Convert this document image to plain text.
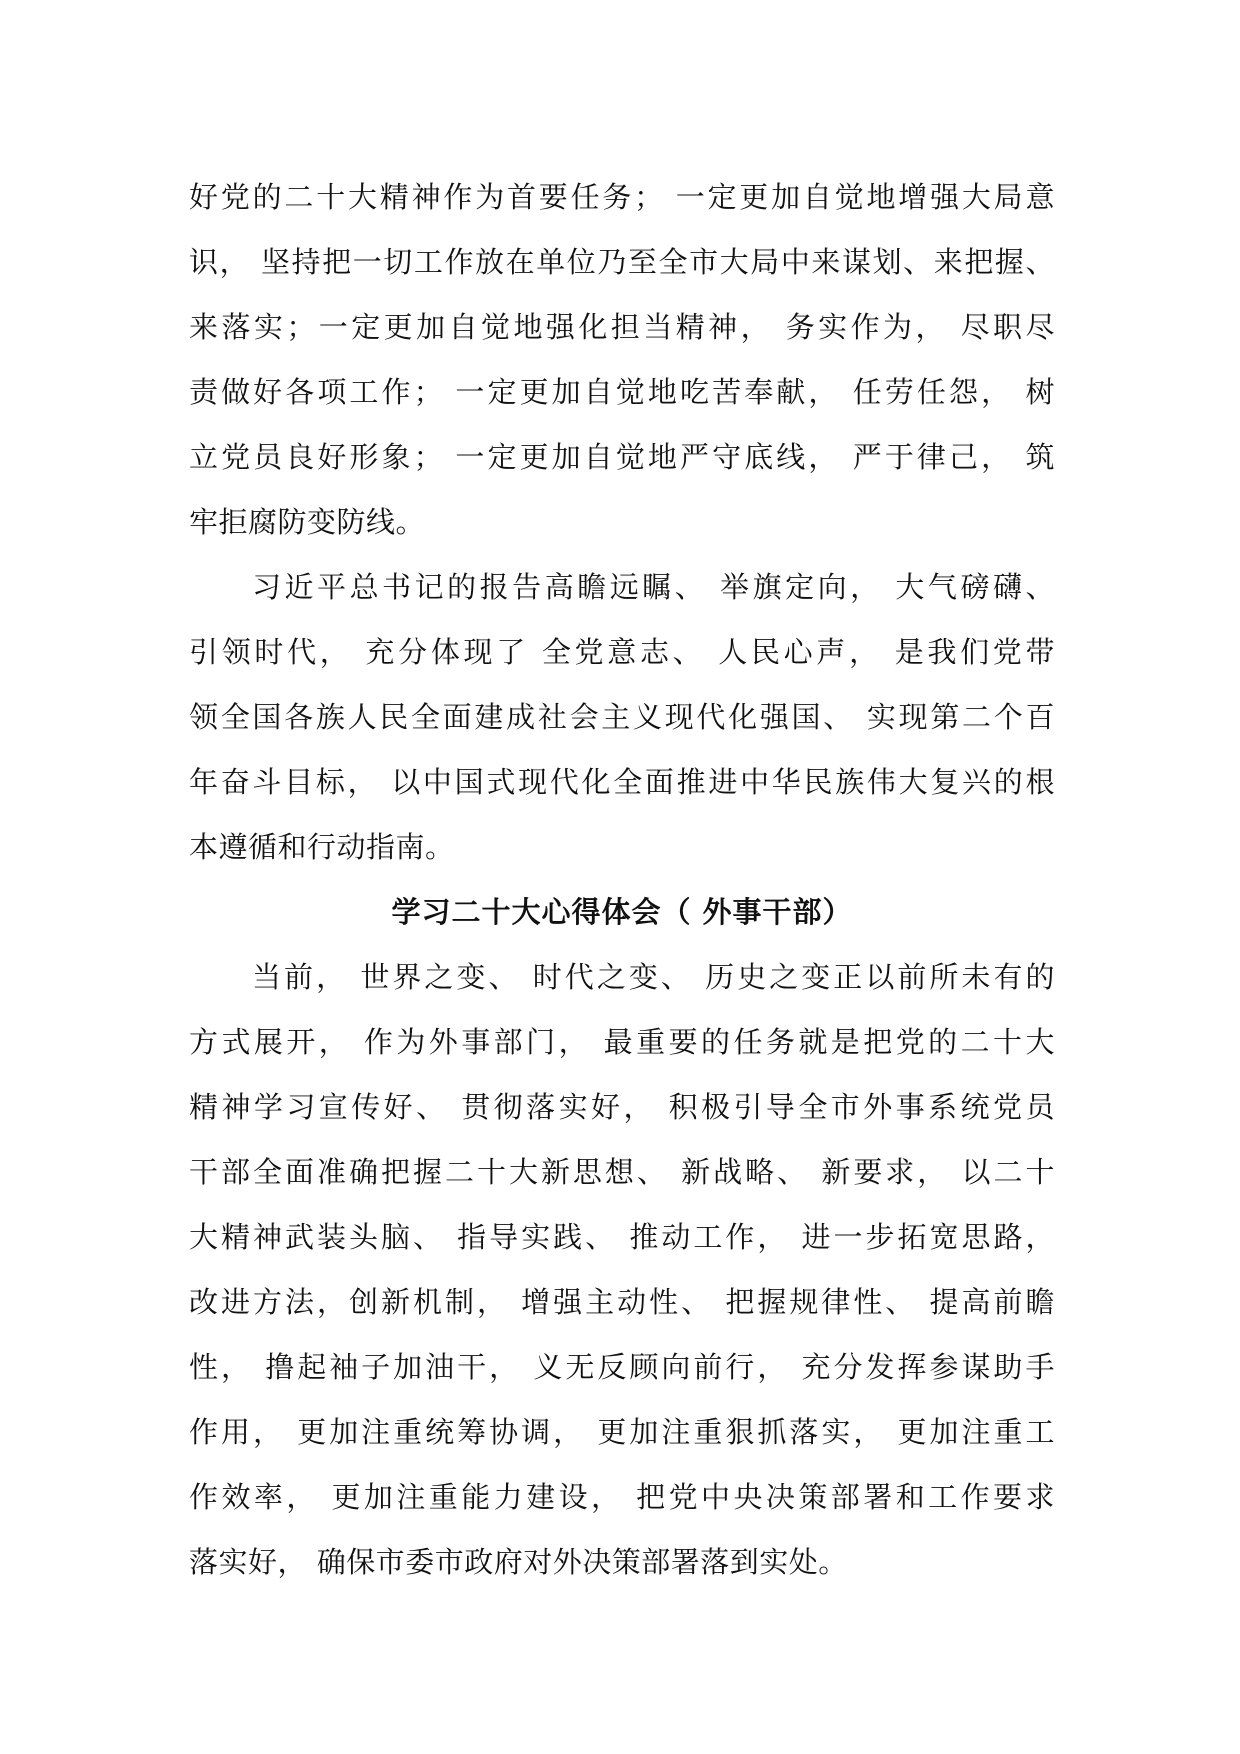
好党的二十大精神作为首要任务； 一定更加自觉地增强大局意
识， 坚持把一切工作放在单位乃至全市大局中来谋划、来把握、
来落实；一定更加自觉地强化担当精神， 务实作为， 尽职尽
责做好各项工作； 一定更加自觉地吃苦奉献， 任劳任怨， 树
立党员良好形象； 一定更加自觉地严守底线， 严于律己， 筑
牢拒腐防变防线。
习近平总书记的报告高瞻远瞩、 举旗定向， 大气磅礴、
引领时代， 充分体现了 全党意志、 人民心声， 是我们党带
领全国各族人民全面建成社会主义现代化强国、 实现第二个百
年奋斗目标， 以中国式现代化全面推进中华民族伟大复兴的根
本遵循和行动指南。
学习二十大心得体会（ 外事干部）
当前， 世界之变、 时代之变、 历史之变正以前所未有的
方式展开， 作为外事部门， 最重要的任务就是把党的二十大
精神学习宣传好、 贯彻落实好， 积极引导全市外事系统党员
干部全面准确把握二十大新思想、 新战略、 新要求， 以二十
大精神武装头脑、 指导实践、 推动工作， 进一步拓宽思路，
改进方法，创新机制， 增强主动性、 把握规律性、 提高前瞻
性， 撸起袖子加油干， 义无反顾向前行， 充分发挥参谋助手
作用， 更加注重统筹协调， 更加注重狠抓落实， 更加注重工
作效率， 更加注重能力建设， 把党中央决策部署和工作要求
落实好， 确保市委市政府对外决策部署落到实处。
